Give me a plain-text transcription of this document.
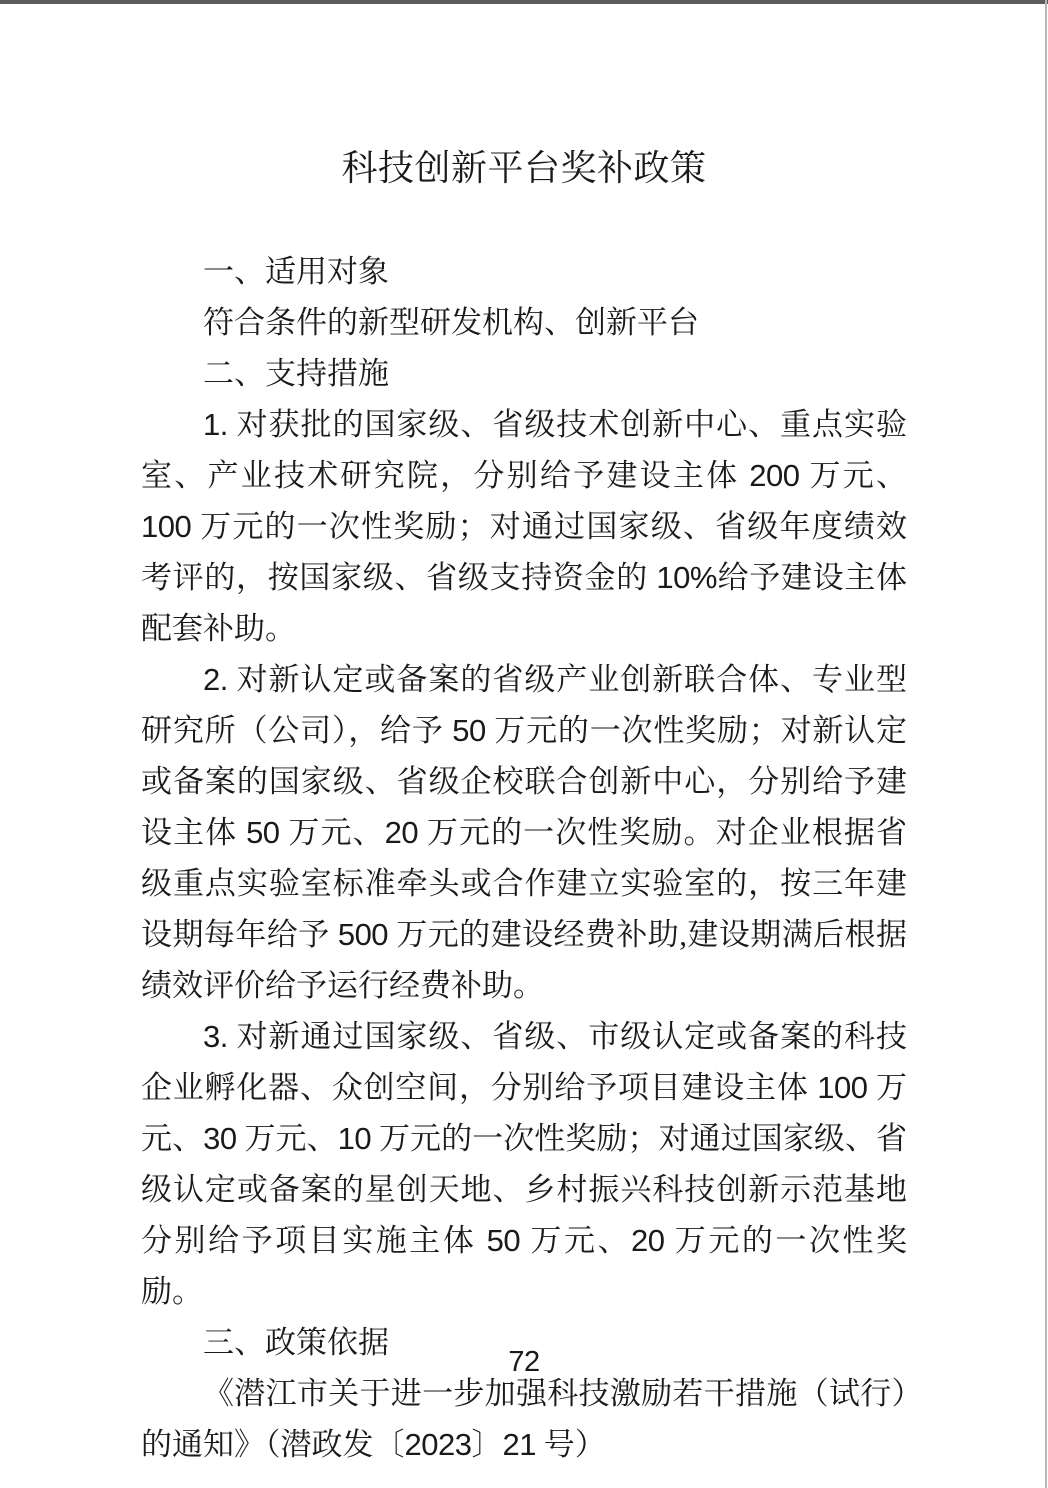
科技创新平台奖补政策

一、适用对象

符合条件的新型研发机构、创新平台

二、支持措施

1. 对获批的国家级、省级技术创新中心、重点实验室、产业技术研究院，分别给予建设主体 200 万元、100 万元的一次性奖励；对通过国家级、省级年度绩效考评的，按国家级、省级支持资金的 10%给予建设主体配套补助。

2. 对新认定或备案的省级产业创新联合体、专业型研究所（公司），给予 50 万元的一次性奖励；对新认定或备案的国家级、省级企校联合创新中心，分别给予建设主体 50 万元、20 万元的一次性奖励。对企业根据省级重点实验室标准牵头或合作建立实验室的，按三年建设期每年给予 500 万元的建设经费补助,建设期满后根据绩效评价给予运行经费补助。

3. 对新通过国家级、省级、市级认定或备案的科技企业孵化器、众创空间，分别给予项目建设主体 100 万元、30 万元、10 万元的一次性奖励；对通过国家级、省级认定或备案的星创天地、乡村振兴科技创新示范基地分别给予项目实施主体 50 万元、20 万元的一次性奖励。

三、政策依据

《潜江市关于进一步加强科技激励若干措施（试行）的通知》（潜政发〔2023〕21 号）

72
